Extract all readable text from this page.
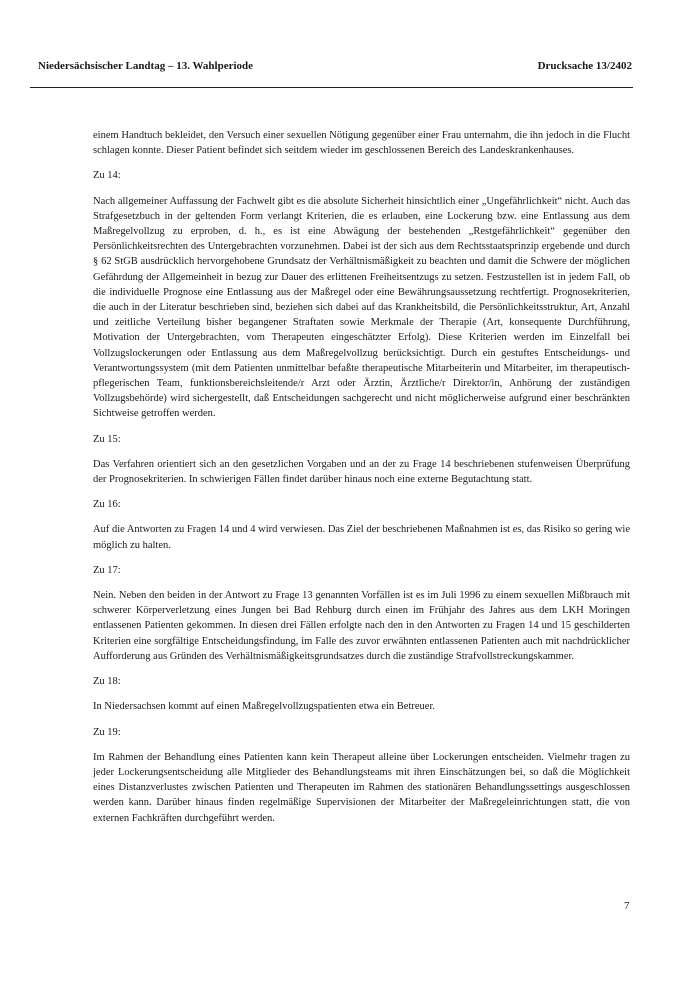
Niedersächsischer Landtag – 13. Wahlperiode	Drucksache 13/2402

einem Handtuch bekleidet, den Versuch einer sexuellen Nötigung gegenüber einer Frau unternahm, die ihn jedoch in die Flucht schlagen konnte. Dieser Patient befindet sich seitdem wieder im geschlossenen Bereich des Landeskrankenhauses.

Zu 14:

Nach allgemeiner Auffassung der Fachwelt gibt es die absolute Sicherheit hinsichtlich einer „Ungefährlichkeit“ nicht. Auch das Strafgesetzbuch in der geltenden Form verlangt Kriterien, die es erlauben, eine Lockerung bzw. eine Entlassung aus dem Maßregelvollzug zu erproben, d. h., es ist eine Abwägung der bestehenden „Restgefährlichkeit“ gegenüber den Persönlichkeitsrechten des Untergebrachten vorzunehmen. Dabei ist der sich aus dem Rechtsstaatsprinzip ergebende und durch § 62 StGB ausdrücklich hervorgehobene Grundsatz der Verhältnismäßigkeit zu beachten und damit die Schwere der möglichen Gefährdung der Allgemeinheit in bezug zur Dauer des erlittenen Freiheitsentzugs zu setzen. Festzustellen ist in jedem Fall, ob die individuelle Prognose eine Entlassung aus der Maßregel oder eine Bewährungsaussetzung rechtfertigt. Prognosekriterien, die auch in der Literatur beschrieben sind, beziehen sich dabei auf das Krankheitsbild, die Persönlichkeitsstruktur, Art, Anzahl und zeitliche Verteilung bisher begangener Straftaten sowie Merkmale der Therapie (Art, konsequente Durchführung, Motivation der Untergebrachten, vom Therapeuten eingeschätzter Erfolg). Diese Kriterien werden im Einzelfall bei Vollzugslockerungen oder Entlassung aus dem Maßregelvollzug berücksichtigt. Durch ein gestuftes Entscheidungs- und Verantwortungssystem (mit dem Patienten unmittelbar befaßte therapeutische Mitarbeiterin und Mitarbeiter, im therapeutisch-pflegerischen Team, funktionsbereichsleitende/r Arzt oder Ärztin, Ärztliche/r Direktor/in, Anhörung der zuständigen Vollzugsbehörde) wird sichergestellt, daß Entscheidungen sachgerecht und nicht möglicherweise aufgrund einer beschränkten Sichtweise getroffen werden.

Zu 15:

Das Verfahren orientiert sich an den gesetzlichen Vorgaben und an der zu Frage 14 beschriebenen stufenweisen Überprüfung der Prognosekriterien. In schwierigen Fällen findet darüber hinaus noch eine externe Begutachtung statt.

Zu 16:

Auf die Antworten zu Fragen 14 und 4 wird verwiesen. Das Ziel der beschriebenen Maßnahmen ist es, das Risiko so gering wie möglich zu halten.

Zu 17:

Nein. Neben den beiden in der Antwort zu Frage 13 genannten Vorfällen ist es im Juli 1996 zu einem sexuellen Mißbrauch mit schwerer Körperverletzung eines Jungen bei Bad Rehburg durch einen im Frühjahr des Jahres aus dem LKH Moringen entlassenen Patienten gekommen. In diesen drei Fällen erfolgte nach den in den Antworten zu Fragen 14 und 15 geschilderten Kriterien eine sorgfältige Entscheidungsfindung, im Falle des zuvor erwähnten entlassenen Patienten auch mit nachdrücklicher Aufforderung aus Gründen des Verhältnismäßigkeitsgrundsatzes durch die zuständige Strafvollstreckungskammer.

Zu 18:

In Niedersachsen kommt auf einen Maßregelvollzugspatienten etwa ein Betreuer.

Zu 19:

Im Rahmen der Behandlung eines Patienten kann kein Therapeut alleine über Lockerungen entscheiden. Vielmehr tragen zu jeder Lockerungsentscheidung alle Mitglieder des Behandlungsteams mit ihren Einschätzungen bei, so daß die Möglichkeit eines Distanzverlustes zwischen Patienten und Therapeuten im Rahmen des stationären Behandlungssettings ausgeschlossen werden kann. Darüber hinaus finden regelmäßige Supervisionen der Mitarbeiter der Maßregeleinrichtungen statt, die von externen Fachkräften durchgeführt werden.

7
